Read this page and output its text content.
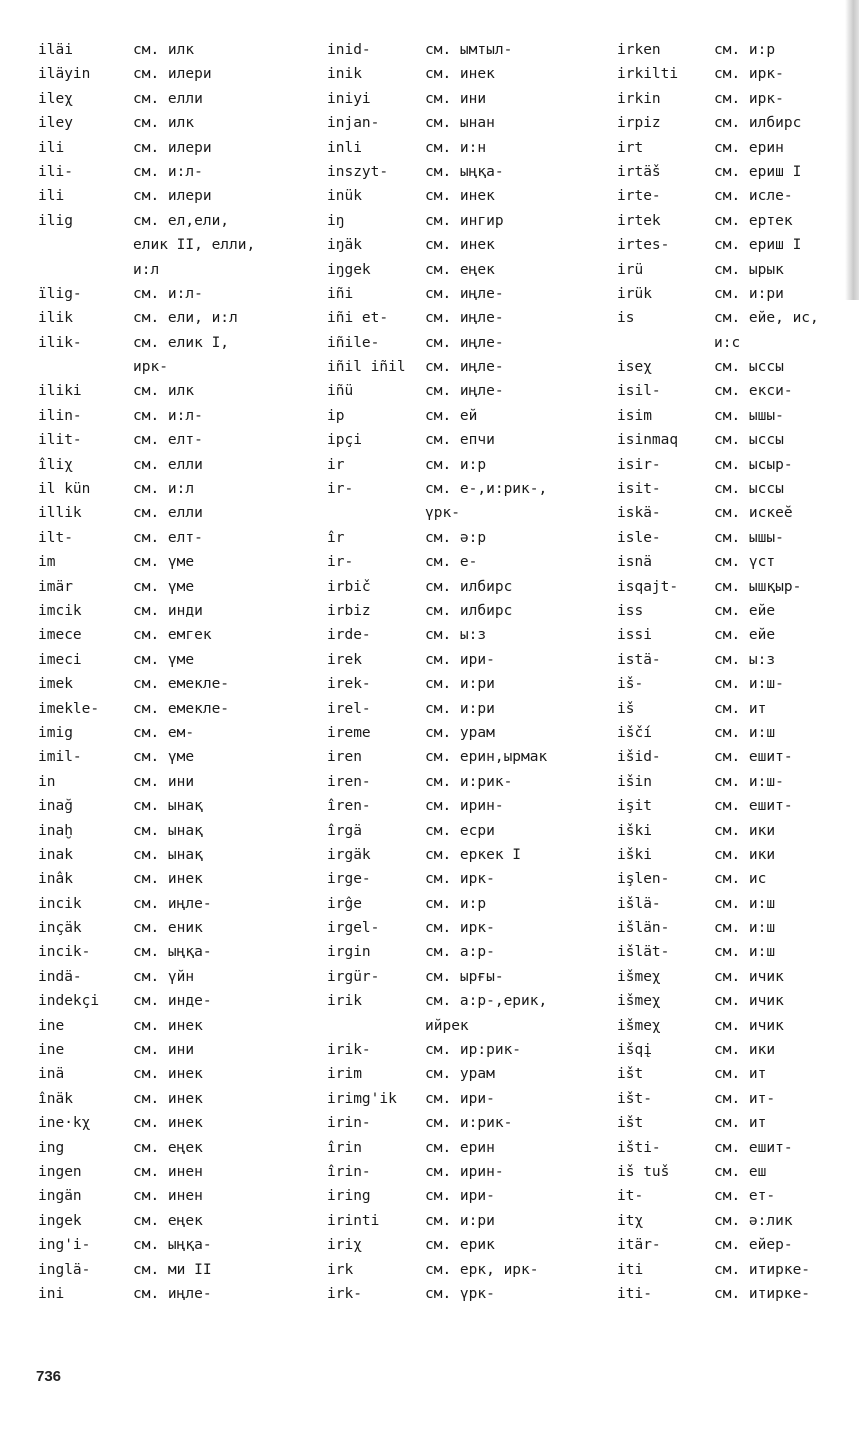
iläi	см. илк
iläyin	см. илери
ileχ	см. елли
iley	см. илк
ili	см. илери
ili-	см. и:л-
ili	см. илери
ilig	см. ел,ели,
елик II, елли,
и:л
ïlig-	см. и:л-
ilik	см. ели, и:л
ilik-	см. елик I,
ирк-
iliki	см. илк
ilin-	см. и:л-
ilit-	см. елт-
îliχ	см. елли
il kün	см. и:л
illik	см. елли
ilt-	см. елт-
im	см. үме
imär	см. үме
imcik	см. инди
imece	см. емгек
imeci	см. үме
imek	см. емекле-
imekle- см. емекле-
imig	см. ем-
imil-	см. үме
in	см. ини
inağ	см. ынақ
inaḫ	см. ынақ
inak	см. ынақ
inâk	см. инек
incik	см. иңле-
inçäk	см. еник
incik-	см. ыңқа-
indä-	см. үйн
indekçi см. инде-
ine	см. инек
ine	см. ини
inä	см. инек
înäk	см. инек
ine·kχ	см. инек
ing	см. еңек
ingen	см. инен
ingän	см. инен
ingek	см. еңек
ing'i-	см. ыңқа-
inglä-	см. ми II
ini	см. иңле-
inid-	см. ымтыл-
inik	см. инек
iniyi	см. ини
injan-	см. ынан
inli	см. и:н
inszyt-	см. ыңқа-
inük	см. инек
iŋ	см. ингир
iŋäk	см. инек
iŋgek	см. еңек
iñi	см. иңле-
iñi et-	см. иңле-
iñile-	см. иңле-
iñil iñil см. иңле-
iñü	см. иңле-
ip	см. ей
ipçi	см. епчи
ir	см. и:р
ir-	см. е-,и:рик-,
үрк-
îr	см. ә:р
ir-	см. е-
irbič	см. илбирс
irbiz	см. илбирс
irde-	см. ы:з
irek	см. ири-
irek-	см. и:ри
irel-	см. и:ри
ireme	см. урам
iren	см. ерин,ырмак
iren-	см. и:рик-
îren-	см. ирин-
îrgä	см. есри
irgäk	см. еркек I
irge-	см. ирк-
irĝe	см. и:р
irgel-	см. ирк-
irgin	см. а:р-
irgür-	см. ырғы-
irik	см. а:р-,ерик,
ийрек
irik-	см. ир:рик-
irim	см. урам
irimg'ik см. ири-
irin-	см. и:рик-
îrin	см. ерин
îrin-	см. ирин-
iring	см. ири-
irinti	см. и:ри
iriχ	см. ерик
irk	см. ерк, ирк-
irk-	см. үрк-
irken	см. и:р
irkilti см. ирк-
irkin	см. ирк-
irpiz	см. илбирс
irt	см. ерин
irtäš	см. ериш I
irte-	см. исле-
irtek	см. ертек
irtes-	см. ериш I
irü	см. ырык
irük	см. и:ри
is	см. ейе, ис,
и:с
iseχ	см. ысcы
isil-	см. екси-
isim	см. ышы-
isinmaq см. ысcы
isir-	см. ысыр-
isit-	см. ысcы
iskä-	см. искеӗ
isle-	см. ышы-
isnä	см. үст
isqajt- см. ышқыр-
iss	см. ейе
issi	см. ейе
istä-	см. ы:з
iš-	см. и:ш-
iš	см. ит
iščí	см. и:ш
išid-	см. ешит-
išin	см. и:ш-
işit	см. ешит-
iški	см. ики
iški	см. ики
işlen-	см. ис
išlä-	см. и:ш
išlän-	см. и:ш
išlät-	см. и:ш
išmeχ	см. ичик
išmeχ	см. ичик
išmeχ	см. ичик
išqį	см. ики
išt	см. ит
išt-	см. ит-
išt	см. ит
išti-	см. ешит-
iš tuš	см. еш
it-	см. ет-
itχ	см. ә:лик
itär-	см. ейер-
iti	см. итирке-
iti-	см. итирке-
736
